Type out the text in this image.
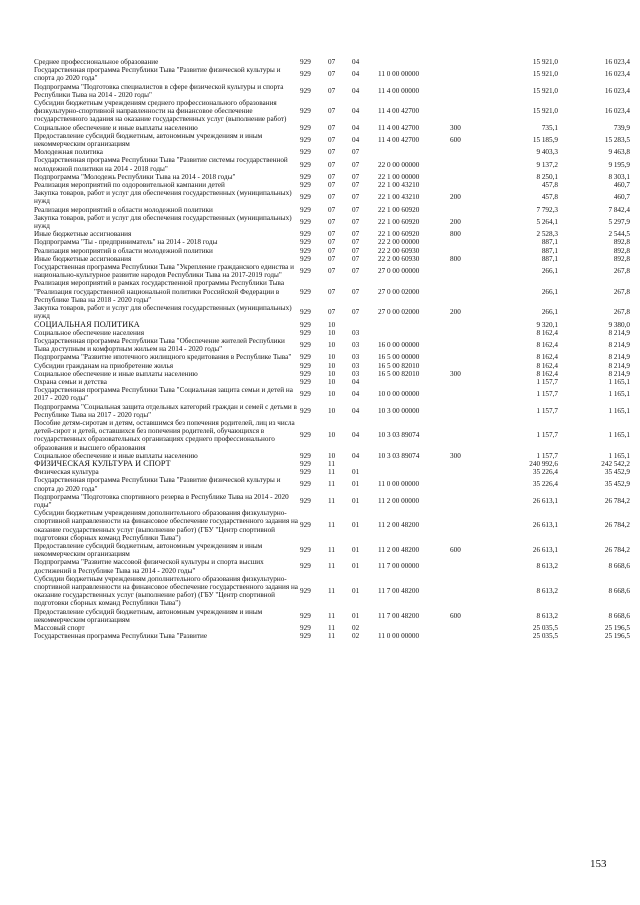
Среднее профессиональное образование	929	07	04			15 921,0	16 023,4
Государственная программа Республики Тыва "Развитие физической культуры и спорта до 2020 года"	929	07	04	11 0 00 00000		15 921,0	16 023,4
Подпрограмма "Подготовка специалистов в сфере физической культуры и спорта Республики Тыва на 2014 - 2020 годы"	929	07	04	11 4 00 00000		15 921,0	16 023,4
Субсидии бюджетным учреждениям среднего профессионального образования физкультурно-спортивной направленности на финансовое обеспечение государственного задания на оказание государственных услуг (выполнение работ)	929	07	04	11 4 00 42700		15 921,0	16 023,4
Социальное обеспечение и иные выплаты населению	929	07	04	11 4 00 42700	300	735,1	739,9
Предоставление субсидий бюджетным, автономным учреждениям и иным некоммерческим организациям	929	07	04	11 4 00 42700	600	15 185,9	15 283,5
Молодежная политика	929	07	07			9 403,3	9 463,8
Государственная программа Республики Тыва "Развитие системы государственной молодежной политики на 2014 - 2018 годы"	929	07	07	22 0 00 00000		9 137,2	9 195,9
Подпрограмма "Молодежь Республики Тыва на 2014 - 2018 годы"	929	07	07	22 1 00 00000		8 250,1	8 303,1
Реализация мероприятий по оздоровительной кампании детей	929	07	07	22 1 00 43210		457,8	460,7
Закупка товаров, работ и услуг для обеспечения государственных (муниципальных) нужд	929	07	07	22 1 00 43210	200	457,8	460,7
Реализация мероприятий в области молодежной политики	929	07	07	22 1 00 60920		7 792,3	7 842,4
Закупка товаров, работ и услуг для обеспечения государственных (муниципальных) нужд	929	07	07	22 1 00 60920	200	5 264,1	5 297,9
Иные бюджетные ассигнования	929	07	07	22 1 00 60920	800	2 528,3	2 544,5
Подпрограмма "Ты - предприниматель" на 2014 - 2018 годы	929	07	07	22 2 00 00000		887,1	892,8
Реализация мероприятий в области молодежной политики	929	07	07	22 2 00 60930		887,1	892,8
Иные бюджетные ассигнования	929	07	07	22 2 00 60930	800	887,1	892,8
Государственная программа Республики Тыва "Укрепление гражданского единства и национально-культурное развитие народов Республики Тыва на 2017-2019 годы"	929	07	07	27 0 00 00000		266,1	267,8
Реализация мероприятий в рамках государственной программы Республики Тыва "Реализация государственной национальной политики Российской Федерации в Республике Тыва на 2018 - 2020 годы"	929	07	07	27 0 00 02000		266,1	267,8
Закупка товаров, работ и услуг для обеспечения государственных (муниципальных) нужд	929	07	07	27 0 00 02000	200	266,1	267,8
СОЦИАЛЬНАЯ ПОЛИТИКА	929	10				9 320,1	9 380,0
Социальное обеспечение населения	929	10	03			8 162,4	8 214,9
Государственная программа Республики Тыва "Обеспечение жителей Республики Тыва доступным и комфортным жильем на 2014 - 2020 годы"	929	10	03	16 0 00 00000		8 162,4	8 214,9
Подпрограмма "Развитие ипотечного жилищного кредитования в Республике Тыва"	929	10	03	16 5 00 00000		8 162,4	8 214,9
Субсидии гражданам на приобретение жилья	929	10	03	16 5 00 82010		8 162,4	8 214,9
Социальное обеспечение и иные выплаты населению	929	10	03	16 5 00 82010	300	8 162,4	8 214,9
Охрана семьи и детства	929	10	04			1 157,7	1 165,1
Государственная программа Республики Тыва "Социальная защита семьи и детей на 2017 - 2020 годы"	929	10	04	10 0 00 00000		1 157,7	1 165,1
Подпрограмма "Социальная защита отдельных категорий граждан и семей с детьми в Республике Тыва на 2017 - 2020 годы"	929	10	04	10 3 00 00000		1 157,7	1 165,1
Пособие детям-сиротам и детям, оставшимся без попечения родителей, лиц из числа детей-сирот и детей, оставшихся без попечения родителей, обучающихся в государственных образовательных организациях среднего профессионального образования и высшего образования	929	10	04	10 3 03 89074		1 157,7	1 165,1
Социальное обеспечение и иные выплаты населению	929	10	04	10 3 03 89074	300	1 157,7	1 165,1
ФИЗИЧЕСКАЯ КУЛЬТУРА И СПОРТ	929	11				240 992,6	242 542,2
Физическая культура	929	11	01			35 226,4	35 452,9
Государственная программа Республики Тыва "Развитие физической культуры и спорта до 2020 года"	929	11	01	11 0 00 00000		35 226,4	35 452,9
Подпрограмма "Подготовка спортивного резерва в Республике Тыва на 2014 - 2020 годы"	929	11	01	11 2 00 00000		26 613,1	26 784,2
Субсидии бюджетным учреждениям дополнительного образования физкультурно-спортивной направленности на финансовое обеспечение государственного задания на оказание государственных услуг (выполнение работ) (ГБУ "Центр спортивной подготовки сборных команд Республики Тыва")	929	11	01	11 2 00 48200		26 613,1	26 784,2
Предоставление субсидий бюджетным, автономным учреждениям и иным некоммерческим организациям	929	11	01	11 2 00 48200	600	26 613,1	26 784,2
Подпрограмма "Развитие массовой физической культуры и спорта высших достижений в Республике Тыва на 2014 - 2020 годы"	929	11	01	11 7 00 00000		8 613,2	8 668,6
Субсидии бюджетным учреждениям дополнительного образования физкультурно-спортивной направленности на финансовое обеспечение государственного задания на оказание государственных услуг (выполнение работ) (ГБУ "Центр спортивной подготовки сборных команд Республики Тыва")	929	11	01	11 7 00 48200		8 613,2	8 668,6
Предоставление субсидий бюджетным, автономным учреждениям и иным некоммерческим организациям	929	11	01	11 7 00 48200	600	8 613,2	8 668,6
Массовый спорт	929	11	02			25 035,5	25 196,5
Государственная программа Республики Тыва "Развитие	929	11	02	11 0 00 00000		25 035,5	25 196,5
153
